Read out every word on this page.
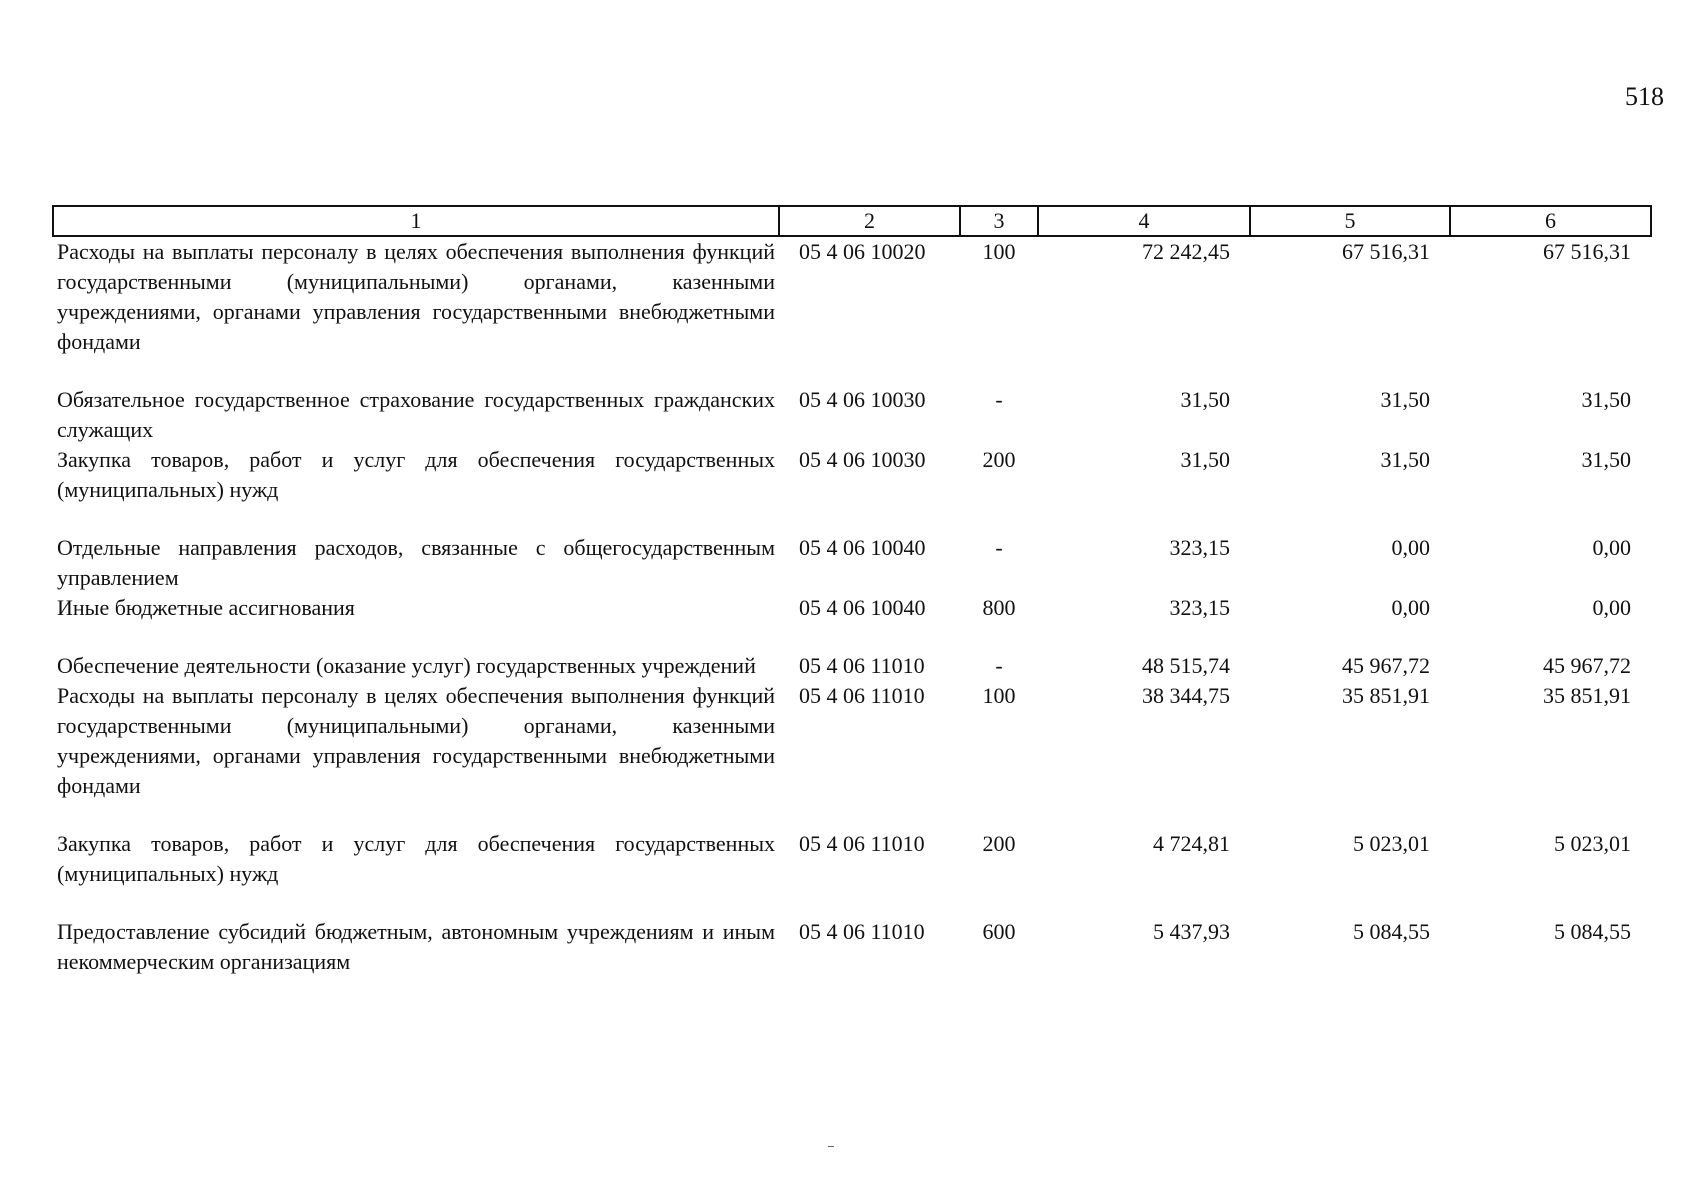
518
1	2	3	4	5	6
Расходы на выплаты персоналу в целях обеспечения выполнения функций государственными (муниципальными) органами, казенными учреждениями, органами управления государственными внебюджетными фондами	05 4 06 10020	100	72 242,45	67 516,31	67 516,31
Обязательное государственное страхование государственных гражданских служащих	05 4 06 10030	-	31,50	31,50	31,50
Закупка товаров, работ и услуг для обеспечения государственных (муниципальных) нужд	05 4 06 10030	200	31,50	31,50	31,50
Отдельные направления расходов, связанные с общегосударственным управлением	05 4 06 10040	-	323,15	0,00	0,00
Иные бюджетные ассигнования	05 4 06 10040	800	323,15	0,00	0,00
Обеспечение деятельности (оказание услуг) государственных учреждений	05 4 06 11010	-	48 515,74	45 967,72	45 967,72
Расходы на выплаты персоналу в целях обеспечения выполнения функций государственными (муниципальными) органами, казенными учреждениями, органами управления государственными внебюджетными фондами	05 4 06 11010	100	38 344,75	35 851,91	35 851,91
Закупка товаров, работ и услуг для обеспечения государственных (муниципальных) нужд	05 4 06 11010	200	4 724,81	5 023,01	5 023,01
Предоставление субсидий бюджетным, автономным учреждениям и иным некоммерческим организациям	05 4 06 11010	600	5 437,93	5 084,55	5 084,55
